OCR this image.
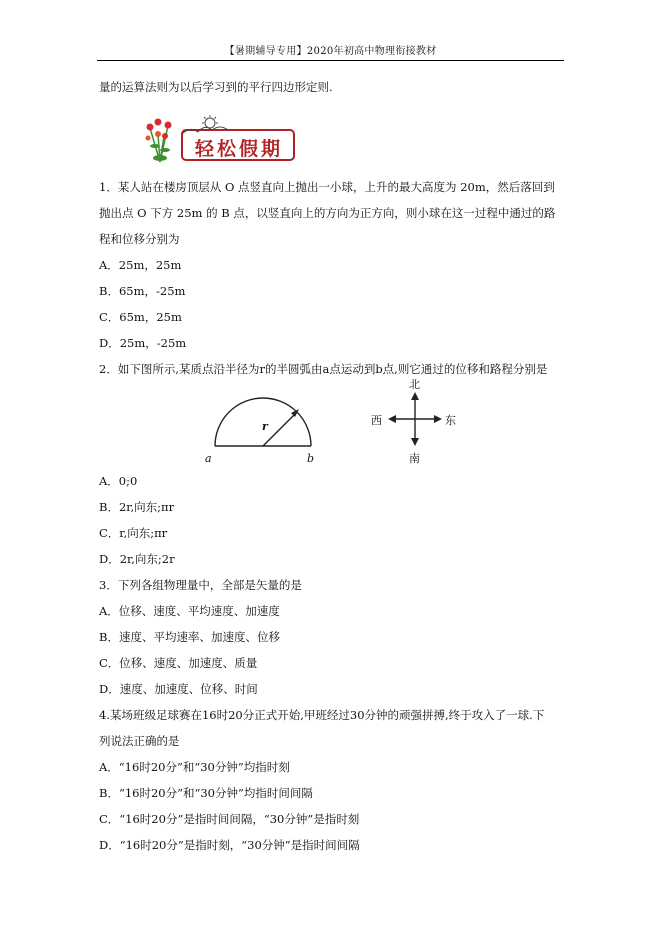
【暑期辅导专用】2020年初高中物理衔接教材
量的运算法则为以后学习到的平行四边形定则.
轻松假期
1．某人站在楼房顶层从 O 点竖直向上抛出一小球，上升的最大高度为 20m，然后落回到
抛出点 O 下方 25m 的 B 点，以竖直向上的方向为正方向，则小球在这一过程中通过的路
程和位移分别为
A．25m，25m
B．65m，-25m
C．65m，25m
D．25m，-25m
2．如下图所示,某质点沿半径为r的半圆弧由a点运动到b点,则它通过的位移和路程分别是
a	b
r
北
南
西	东
A．0;0
B．2r,向东;πr
C．r,向东;πr
D．2r,向东;2r
3．下列各组物理量中，全部是矢量的是
A．位移、速度、平均速度、加速度
B．速度、平均速率、加速度、位移
C．位移、速度、加速度、质量
D．速度、加速度、位移、时间
4.某场班级足球赛在16时20分正式开始,甲班经过30分钟的顽强拼搏,终于攻入了一球.下
列说法正确的是
A．“16时20分”和“30分钟”均指时刻
B．“16时20分”和“30分钟”均指时间间隔
C．“16时20分”是指时间间隔，“30分钟”是指时刻
D．“16时20分”是指时刻，“30分钟”是指时间间隔
